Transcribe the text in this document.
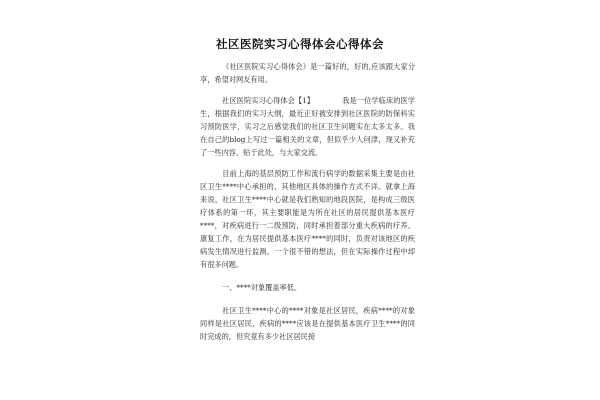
社区医院实习心得体会心得体会

《社区医院实习心得体会》是一篇好的，好的,应该跟大家分享，希望对网友有用。

社区医院实习心得体会【1】	我是一位学临床的医学生，根据我们的实习大纲，最近正好被安排到社区医院的防保科实习预防医学，实习之后感觉我们的社区卫生问题实在太多太多。我在自己的blog上写过一篇相关的文章，但似乎少人问津，现又补充了一些内容，贴于此处，与大家交流。

目前上海的基层预防工作和流行病学的数据采集主要是由社区卫生****中心承担的，其他地区具体的操作方式不详。就拿上海来说，社区卫生****中心就是我们熟知的地段医院，是构成三级医疗体系的第一环，其主要职能是为所在社区的居民提供基本医疗****，对疾病进行一二级预防，同时承担着部分重大疾病的疗养、康复工作，在为居民提供基本医疗****的同时，负责对该地区的疾病发生情况进行监测。一个很不错的想法，但在实际操作过程中却有很多问题。

一、****对象覆盖率低。

社区卫生****中心的****对象是社区居民，疾病****的对象同样是社区居民，疾病的****应该是在提供基本医疗卫生****的同时完成的，但究竟有多少社区居民接
